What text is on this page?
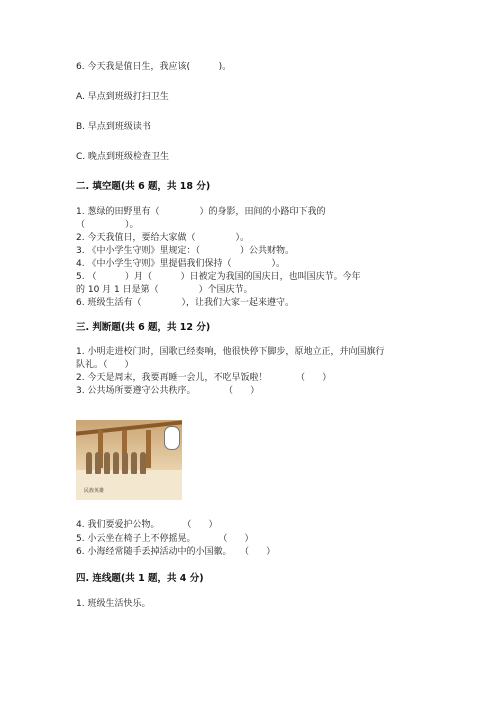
6. 今天我是值日生，我应该(          )。
A. 早点到班级打扫卫生
B. 早点到班级读书
C. 晚点到班级检查卫生
二. 填空题(共 6 题，共 18 分)
1. 葱绿的田野里有（              ）的身影，田间的小路印下我的
（              ）。
2. 今天我值日，要给大家做（              ）。
3. 《中小学生守则》里规定：（              ）公共财物。
4. 《中小学生守则》里提倡我们保持（              ）。
5. （          ）月（          ）日被定为我国的国庆日，也叫国庆节。今年
的 10 月 1 日是第（              ）个国庆节。
6. 班级生活有（              ），让我们大家一起来遵守。
三. 判断题(共 6 题，共 12 分)
1. 小明走进校门时，国歌已经奏响，他很快停下脚步，原地立正，并向国旗行
队礼。（      ）
2. 今天是周末，我要再睡一会儿，不吃早饭啦！          （      ）
3. 公共场所要遵守公共秩序。          （      ）
民族英雄
4. 我们要爱护公物。        （      ）
5. 小云坐在椅子上不停摇晃。        （      ）
6. 小海经常随手丢掉活动中的小国徽。   （      ）
四. 连线题(共 1 题，共 4 分)
1. 班级生活快乐。
